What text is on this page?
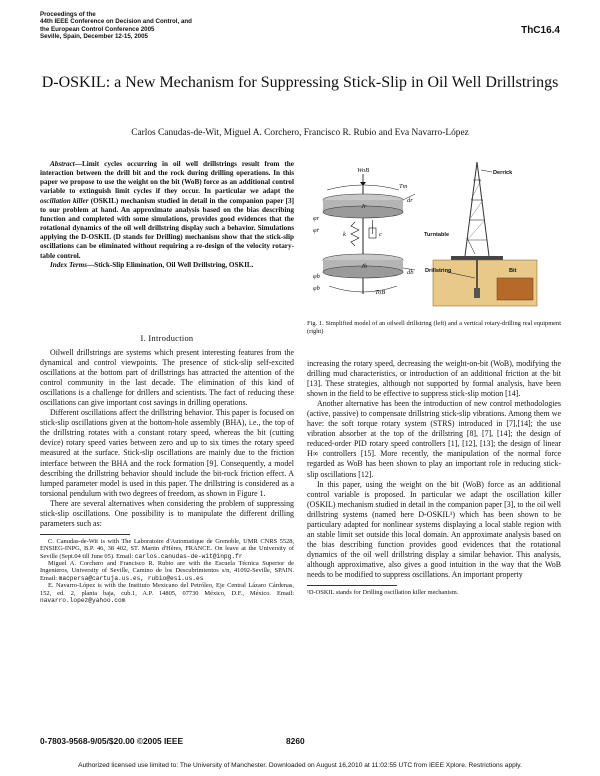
Proceedings of the
44th IEEE Conference on Decision and Control, and
the European Control Conference 2005
Seville, Spain, December 12-15, 2005
ThC16.4
D-OSKIL: a New Mechanism for Suppressing Stick-Slip in Oil Well Drillstrings
Carlos Canudas-de-Wit, Miguel A. Corchero, Francisco R. Rubio and Eva Navarro-López
Abstract—Limit cycles occurring in oil well drillstrings result from the interaction between the drill bit and the rock during drilling operations. In this paper we propose to use the weight on the bit (WoB) force as an additional control variable to extinguish limit cycles if they occur. In particular we adapt the oscillation killer (OSKIL) mechanism studied in detail in the companion paper [3] to our problem at hand. An approximate analysis based on the bias describing function and completed with some simulations, provides good evidences that the rotational dynamics of the oil well drillstring display such a behavior. Simulations applying the D-OSKIL (D stands for Drilling) mechanism show that the stick-slip oscillations can be eliminated without requiring a re-design of the velocity rotary-table control.
Index Terms—Stick-Slip Elimination, Oil Well Drillstring, OSKIL.
I. Introduction

Oilwell drillstrings are systems which present interesting features from the dynamical and control viewpoints. The presence of stick-slip self-excited oscillations at the bottom part of drillstrings has attracted the attention of the control community in the last decade. The elimination of this kind of oscillations is a challenge for drillers and scientists. The fact of reducing these oscillations can give important cost savings in drilling operations.

Different oscillations affect the drillstring behavior. This paper is focused on stick-slip oscillations given at the bottom-hole assembly (BHA), i.e., the top of the drillstring rotates with a constant rotary speed, whereas the bit (cutting device) rotary speed varies between zero and up to six times the rotary speed measured at the surface. Stick-slip oscillations are mainly due to the friction interface between the BHA and the rock formation [9]. Consequently, a model describing the drillstring behavior should include the bit-rock friction effect. A lumped parameter model is used in this paper. The drillstring is considered as a torsional pendulum with two degrees of freedom, as shown in Figure 1.

There are several alternatives when considering the problem of suppressing stick-slip oscillations. One possibility is to manipulate the different drilling parameters such as:

C. Canudas-de-Wit is with The Laboratoire d'Automatique de Grenoble, UMR CNRS 5528, ENSIEG-INPG, B.P. 46, 38 402, ST. Martin d'Hères, FRANCE. On leave at the University of Seville (Sept.04 till June 05). Email: carlos.canudas-de-wit@inpg.fr

Miguel A. Corchero and Francisco R. Rubio are with the Escuela Técnica Superior de Ingenieros, University of Seville, Camino de los Descubrimientos s/n, 41092-Seville, SPAIN. Email: macpersa@cartuja.us.es, rubio@esi.us.es

E. Navarro-López is with the Instituto Mexicano del Petróleo, Eje Central Lázaro Cárdenas, 152, ed. 2, planta baja, cub.1, A.P. 14805, 07730 México, D.F., México. Email: navarro.lopez@yahoo.com

WoB
Jr
dr
φr
φ̇r
Tm
k	c
Jb
db
φb
φ̇b
ToB
Derrick
Turntable
Drillstring	Bit
Fig. 1. Simplified model of an oilwell drillstring (left) and a vertical rotary-drilling real equipment (right)

increasing the rotary speed, decreasing the weight-on-bit (WoB), modifying the drilling mud characteristics, or introduction of an additional friction at the bit [13]. These strategies, although not supported by formal analysis, have been shown in the field to be effective to suppress stick-slip motion [14].

Another alternative has been the introduction of new control methodologies (active, passive) to compensate drillstring stick-slip vibrations. Among them we have: the soft torque rotary system (STRS) introduced in [7],[14]; the use vibration absorber at the top of the drillstring [8], [7], [14]; the design of reduced-order PID rotary speed controllers [1], [12], [13]; the design of linear H∞ controllers [15]. More recently, the manipulation of the normal force regarded as WoB has been shown to play an important role in reducing stick-slip oscillations [12].

In this paper, using the weight on the bit (WoB) force as an additional control variable is proposed. In particular we adapt the oscillation killer (OSKIL) mechanism studied in detail in the companion paper [3], to the oil well drillstring systems (named here D-OSKIL¹) which has been shown to be particulary adapted for nonlinear systems displaying a local stable region with an stable limit set outside this local domain. An approximate analysis based on the bias describing function provides good evidences that the rotational dynamics of the oil well drillstring display a similar behavior. This analysis, although approximative, also gives a good intuition in the way that the WoB needs to be modified to suppress oscillations. An important property

¹D-OSKIL stands for Drilling oscillation killer mechanism.
0-7803-9568-9/05/$20.00 ©2005 IEEE	8260
Authorized licensed use limited to: The University of Manchester. Downloaded on August 16,2010 at 11:02:55 UTC from IEEE Xplore. Restrictions apply.
